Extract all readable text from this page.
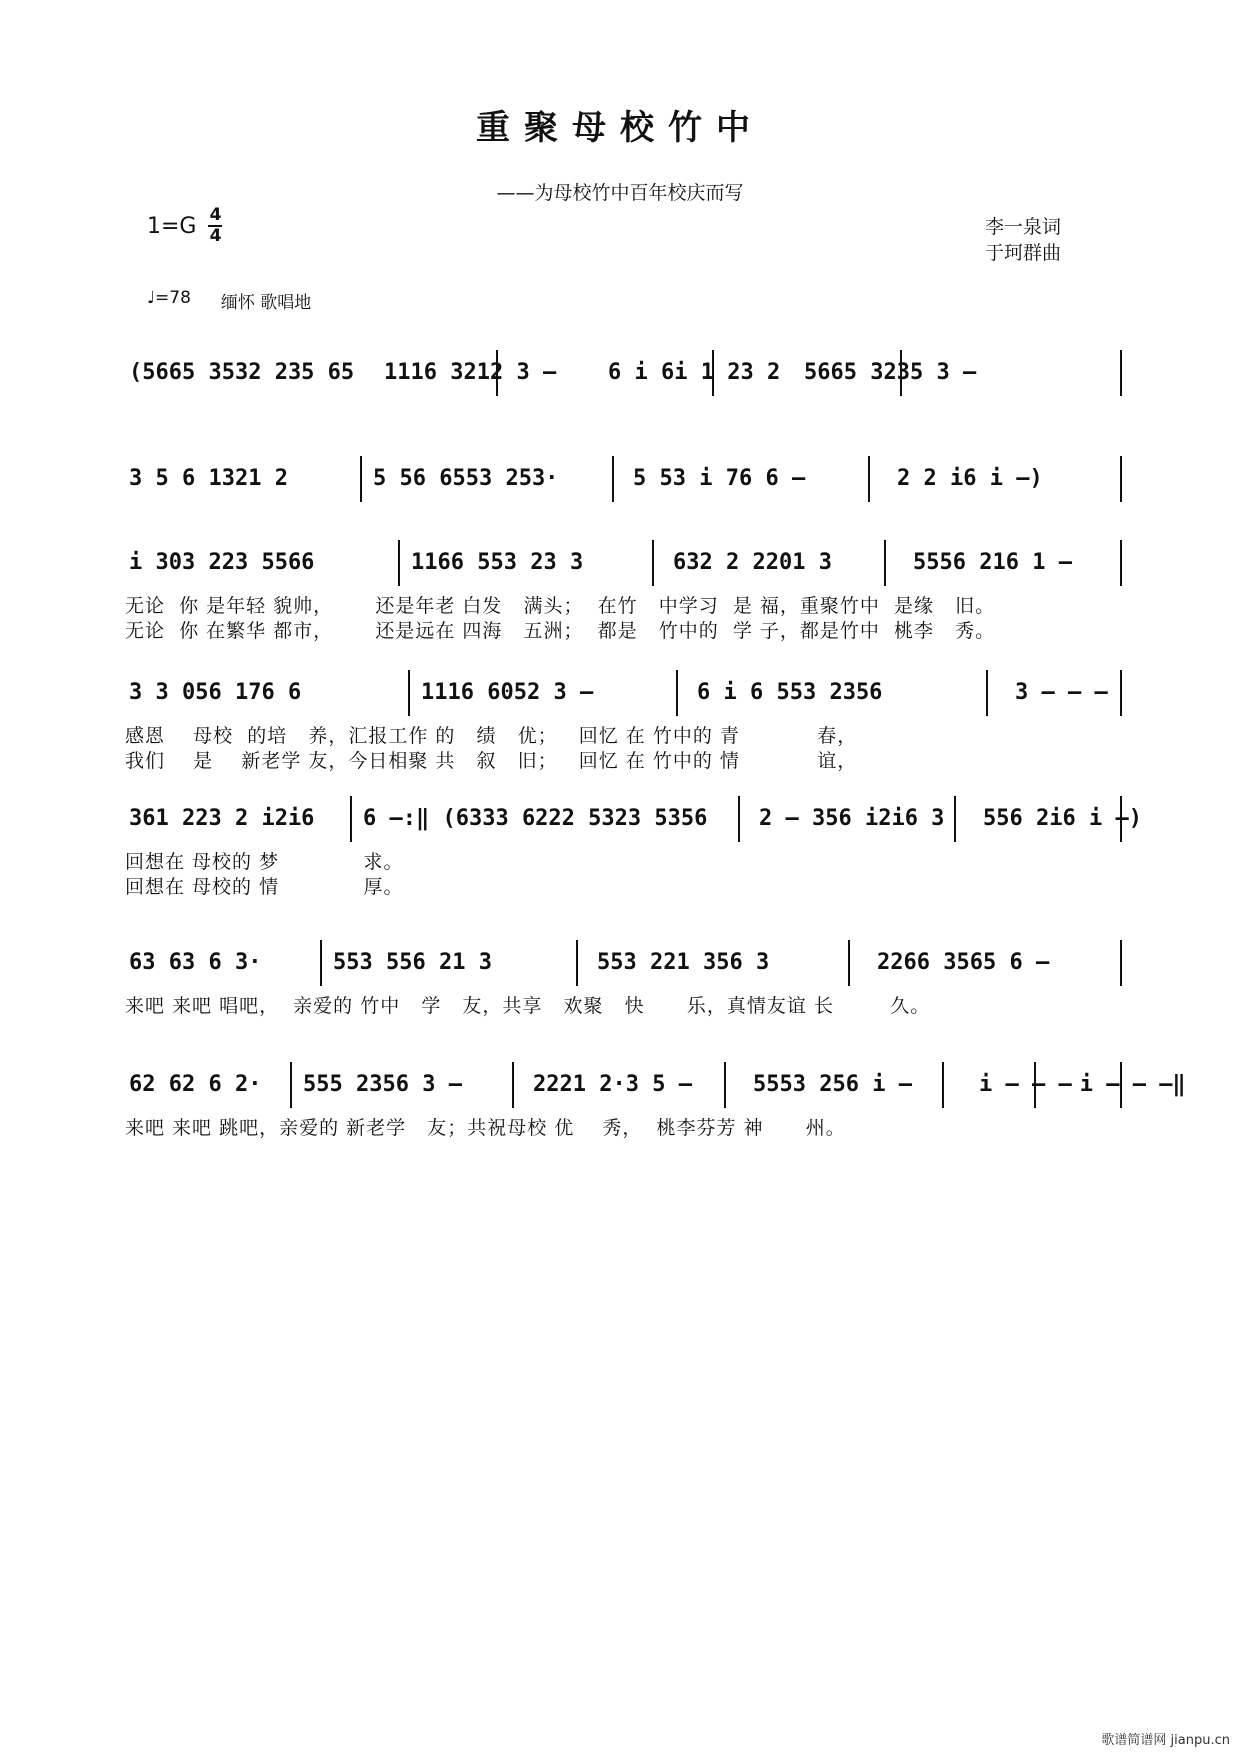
重聚母校竹中
——为母校竹中百年校庆而写
1=G 4
4	李一泉词
于珂群曲
♩=78 缅怀 歌唱地
(5665 3532 235 65	1116 3212 3 –	6 i 6i 1 23 2	5665 3235 3 –
3 5 6 1321 2	5 56 6553 253·	5 53 i 76 6 –	2 2 i6 i –)
i 303 223 5566	1166 553 23 3	632 2 2201 3	5556 216 1 –
无论  你 是年轻 貌帅，      还是年老 白发   满头；  在竹   中学习  是 福，重聚竹中  是缘   旧。
无论  你 在繁华 都市，      还是远在 四海   五洲；  都是   竹中的  学 子，都是竹中  桃李   秀。
3 3 056 176 6	1116 6052 3 –	6 i 6 553 2356	3 – – –
感恩    母校  的培   养，汇报工作 的   绩   优；   回忆 在 竹中的 青           春，
我们    是    新老学 友，今日相聚 共   叙   旧；   回忆 在 竹中的 情           谊，
361 223 2 i2i6	6 –:‖ (6333 6222 5323 5356	2 – 356 i2i6 3	556 2i6 i –)
回想在 母校的 梦            求。
回想在 母校的 情            厚。
63 63 6 3·	553 556 21 3	553 221 356 3	2266 3565 6 –
来吧 来吧 唱吧，  亲爱的 竹中   学   友，共享   欢聚   快      乐，真情友谊 长        久。
62 62 6 2·	555 2356 3 –	2221 2·3 5 –	5553 256 i –	i – – – i – – –‖
来吧 来吧 跳吧，亲爱的 新老学   友；共祝母校 优    秀，  桃李芬芳 神      州。
歌谱简谱网 jianpu.cn
